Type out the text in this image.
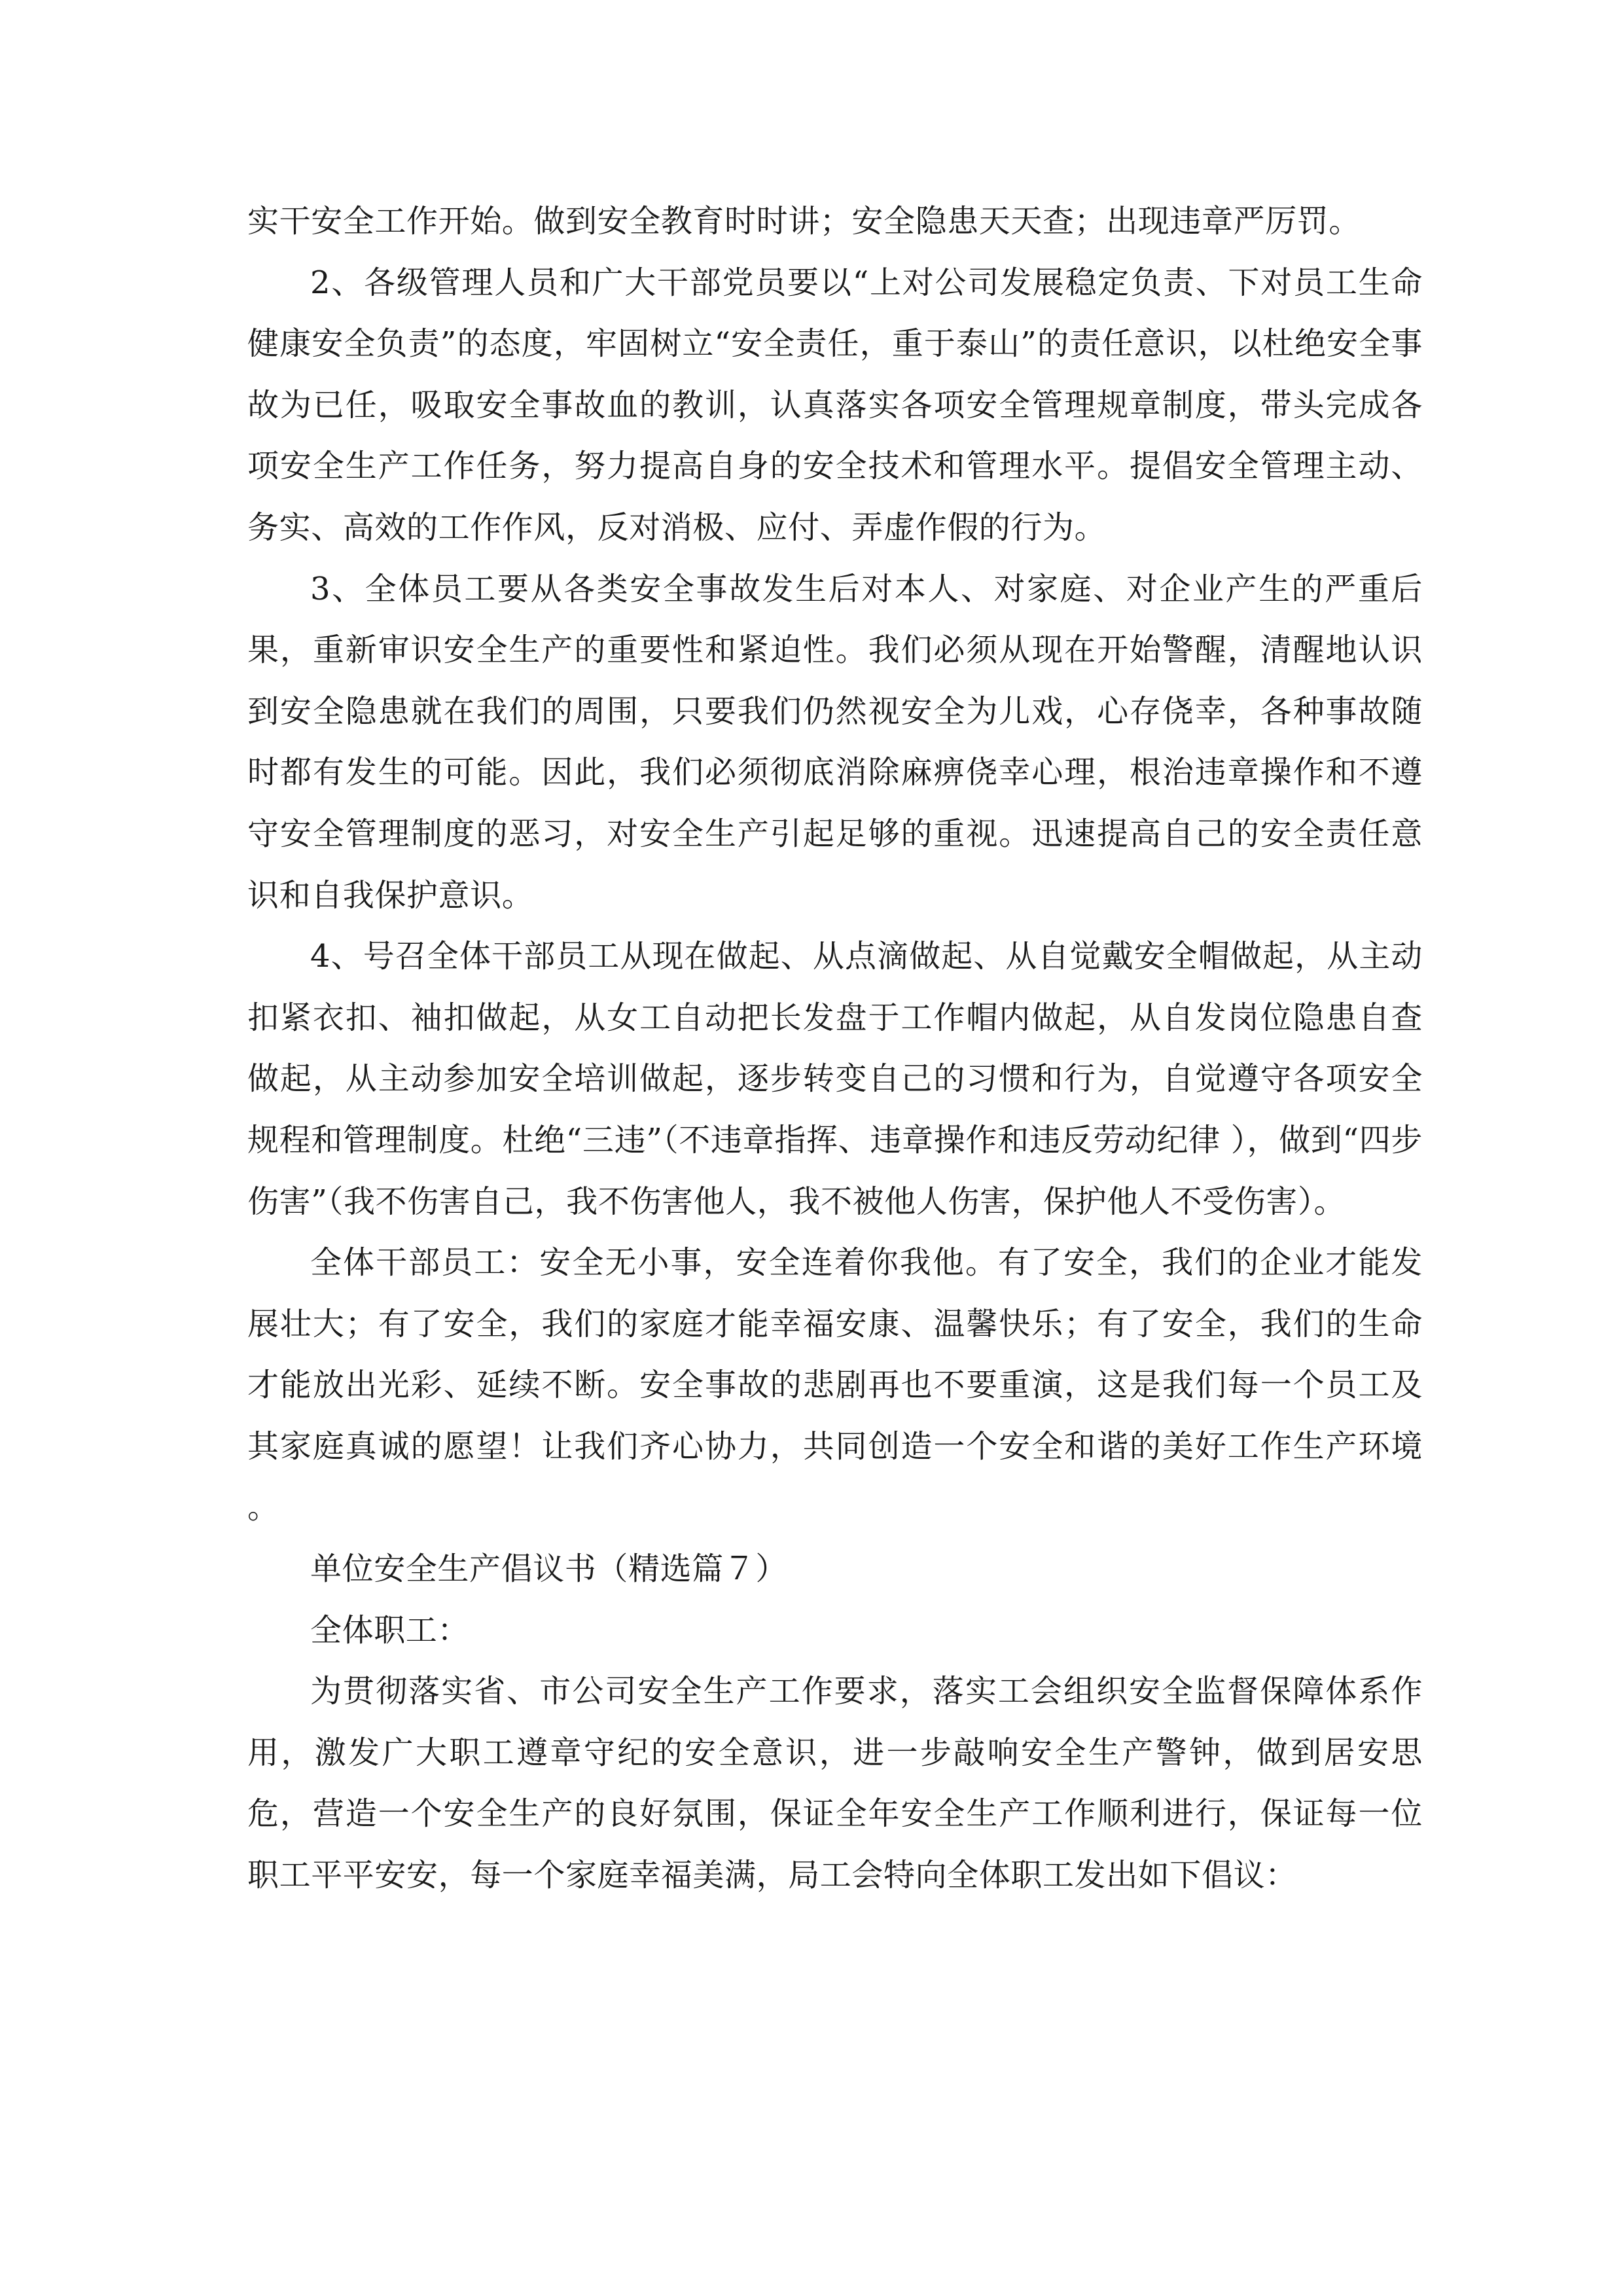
实干安全工作开始。做到安全教育时时讲；安全隐患天天查；出现违章严厉罚。

2、各级管理人员和广大干部党员要以“上对公司发展稳定负责、下对员工生命健康安全负责”的态度，牢固树立“安全责任，重于泰山”的责任意识，以杜绝安全事故为已任，吸取安全事故血的教训，认真落实各项安全管理规章制度，带头完成各项安全生产工作任务，努力提高自身的安全技术和管理水平。提倡安全管理主动、务实、高效的工作作风，反对消极、应付、弄虚作假的行为。

3、全体员工要从各类安全事故发生后对本人、对家庭、对企业产生的严重后果，重新审识安全生产的重要性和紧迫性。我们必须从现在开始警醒，清醒地认识到安全隐患就在我们的周围，只要我们仍然视安全为儿戏，心存侥幸，各种事故随时都有发生的可能。因此，我们必须彻底消除麻痹侥幸心理，根治违章操作和不遵守安全管理制度的恶习，对安全生产引起足够的重视。迅速提高自己的安全责任意识和自我保护意识。

4、号召全体干部员工从现在做起、从点滴做起、从自觉戴安全帽做起，从主动扣紧衣扣、袖扣做起，从女工自动把长发盘于工作帽内做起，从自发岗位隐患自查做起，从主动参加安全培训做起，逐步转变自己的习惯和行为，自觉遵守各项安全规程和管理制度。杜绝“三违”（不违章指挥、违章操作和违反劳动纪律 ），做到“四步伤害”（我不伤害自己，我不伤害他人，我不被他人伤害，保护他人不受伤害）。

全体干部员工：安全无小事，安全连着你我他。有了安全，我们的企业才能发展壮大；有了安全，我们的家庭才能幸福安康、温馨快乐；有了安全，我们的生命才能放出光彩、延续不断。安全事故的悲剧再也不要重演，这是我们每一个员工及其家庭真诚的愿望！让我们齐心协力，共同创造一个安全和谐的美好工作生产环境 。

单位安全生产倡议书（精选篇７）

全体职工：

为贯彻落实省、市公司安全生产工作要求，落实工会组织安全监督保障体系作用，激发广大职工遵章守纪的安全意识，进一步敲响安全生产警钟，做到居安思危，营造一个安全生产的良好氛围，保证全年安全生产工作顺利进行，保证每一位职工平平安安，每一个家庭幸福美满，局工会特向全体职工发出如下倡议：
